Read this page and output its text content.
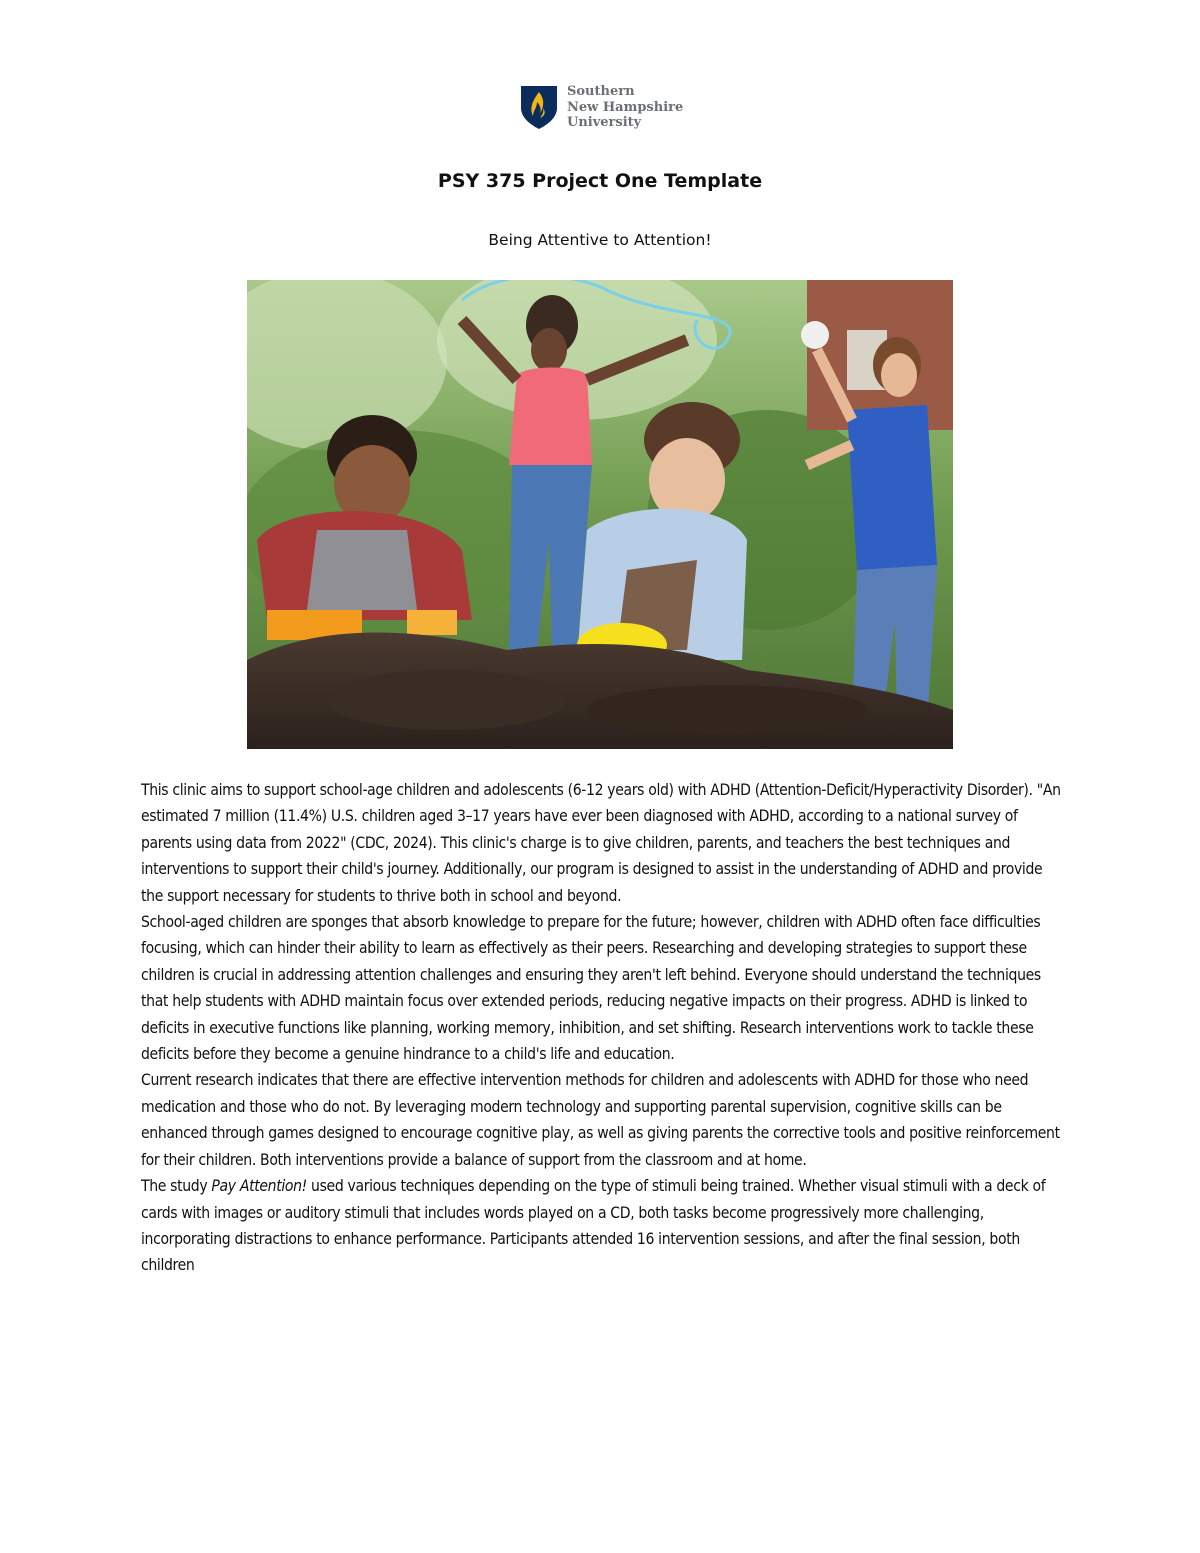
Southern
New Hampshire
University
PSY 375 Project One Template
Being Attentive to Attention!

This clinic aims to support school-age children and adolescents (6-12 years old) with ADHD (Attention-Deficit/Hyperactivity Disorder). "An estimated 7 million (11.4%) U.S. children aged 3–17 years have ever been diagnosed with ADHD, according to a national survey of parents using data from 2022" (CDC, 2024). This clinic's charge is to give children, parents, and teachers the best techniques and interventions to support their child's journey. Additionally, our program is designed to assist in the understanding of ADHD and provide the support necessary for students to thrive both in school and beyond.

School-aged children are sponges that absorb knowledge to prepare for the future; however, children with ADHD often face difficulties focusing, which can hinder their ability to learn as effectively as their peers. Researching and developing strategies to support these children is crucial in addressing attention challenges and ensuring they aren't left behind. Everyone should understand the techniques that help students with ADHD maintain focus over extended periods, reducing negative impacts on their progress. ADHD is linked to deficits in executive functions like planning, working memory, inhibition, and set shifting. Research interventions work to tackle these deficits before they become a genuine hindrance to a child's life and education.

Current research indicates that there are effective intervention methods for children and adolescents with ADHD for those who need medication and those who do not. By leveraging modern technology and supporting parental supervision, cognitive skills can be enhanced through games designed to encourage cognitive play, as well as giving parents the corrective tools and positive reinforcement for their children. Both interventions provide a balance of support from the classroom and at home.

The study Pay Attention! used various techniques depending on the type of stimuli being trained. Whether visual stimuli with a deck of cards with images or auditory stimuli that includes words played on a CD, both tasks become progressively more challenging, incorporating distractions to enhance performance. Participants attended 16 intervention sessions, and after the final session, both children
